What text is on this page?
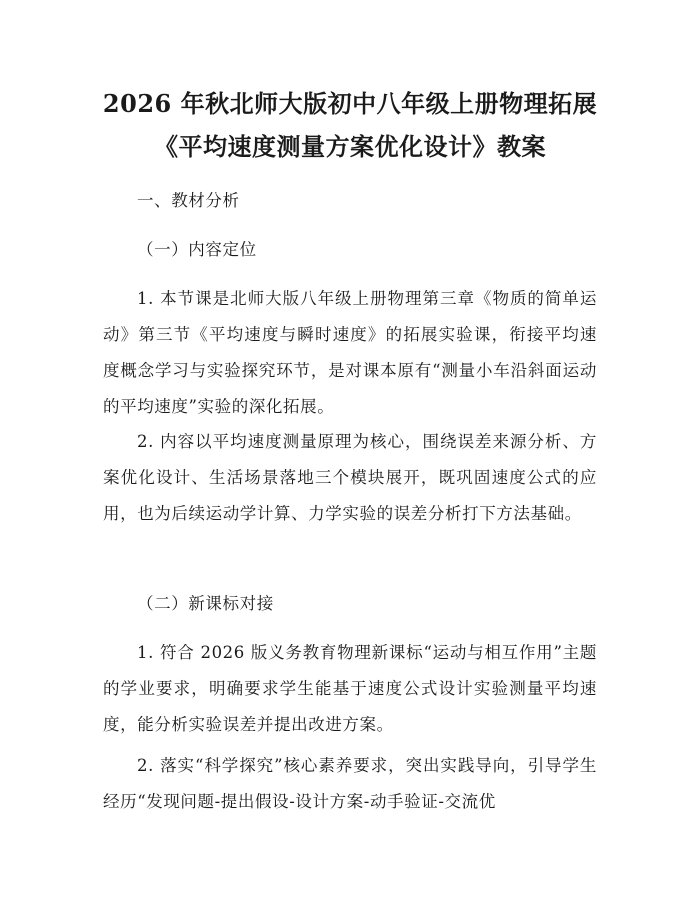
2026 年秋北师大版初中八年级上册物理拓展
《平均速度测量方案优化设计》教案

一、教材分析

（一）内容定位

1. 本节课是北师大版八年级上册物理第三章《物质的简单运动》第三节《平均速度与瞬时速度》的拓展实验课，衔接平均速度概念学习与实验探究环节，是对课本原有“测量小车沿斜面运动的平均速度”实验的深化拓展。

2. 内容以平均速度测量原理为核心，围绕误差来源分析、方案优化设计、生活场景落地三个模块展开，既巩固速度公式的应用，也为后续运动学计算、力学实验的误差分析打下方法基础。

（二）新课标对接

1. 符合 2026 版义务教育物理新课标“运动与相互作用”主题的学业要求，明确要求学生能基于速度公式设计实验测量平均速度，能分析实验误差并提出改进方案。

2. 落实“科学探究”核心素养要求，突出实践导向，引导学生经历“发现问题-提出假设-设计方案-动手验证-交流优
